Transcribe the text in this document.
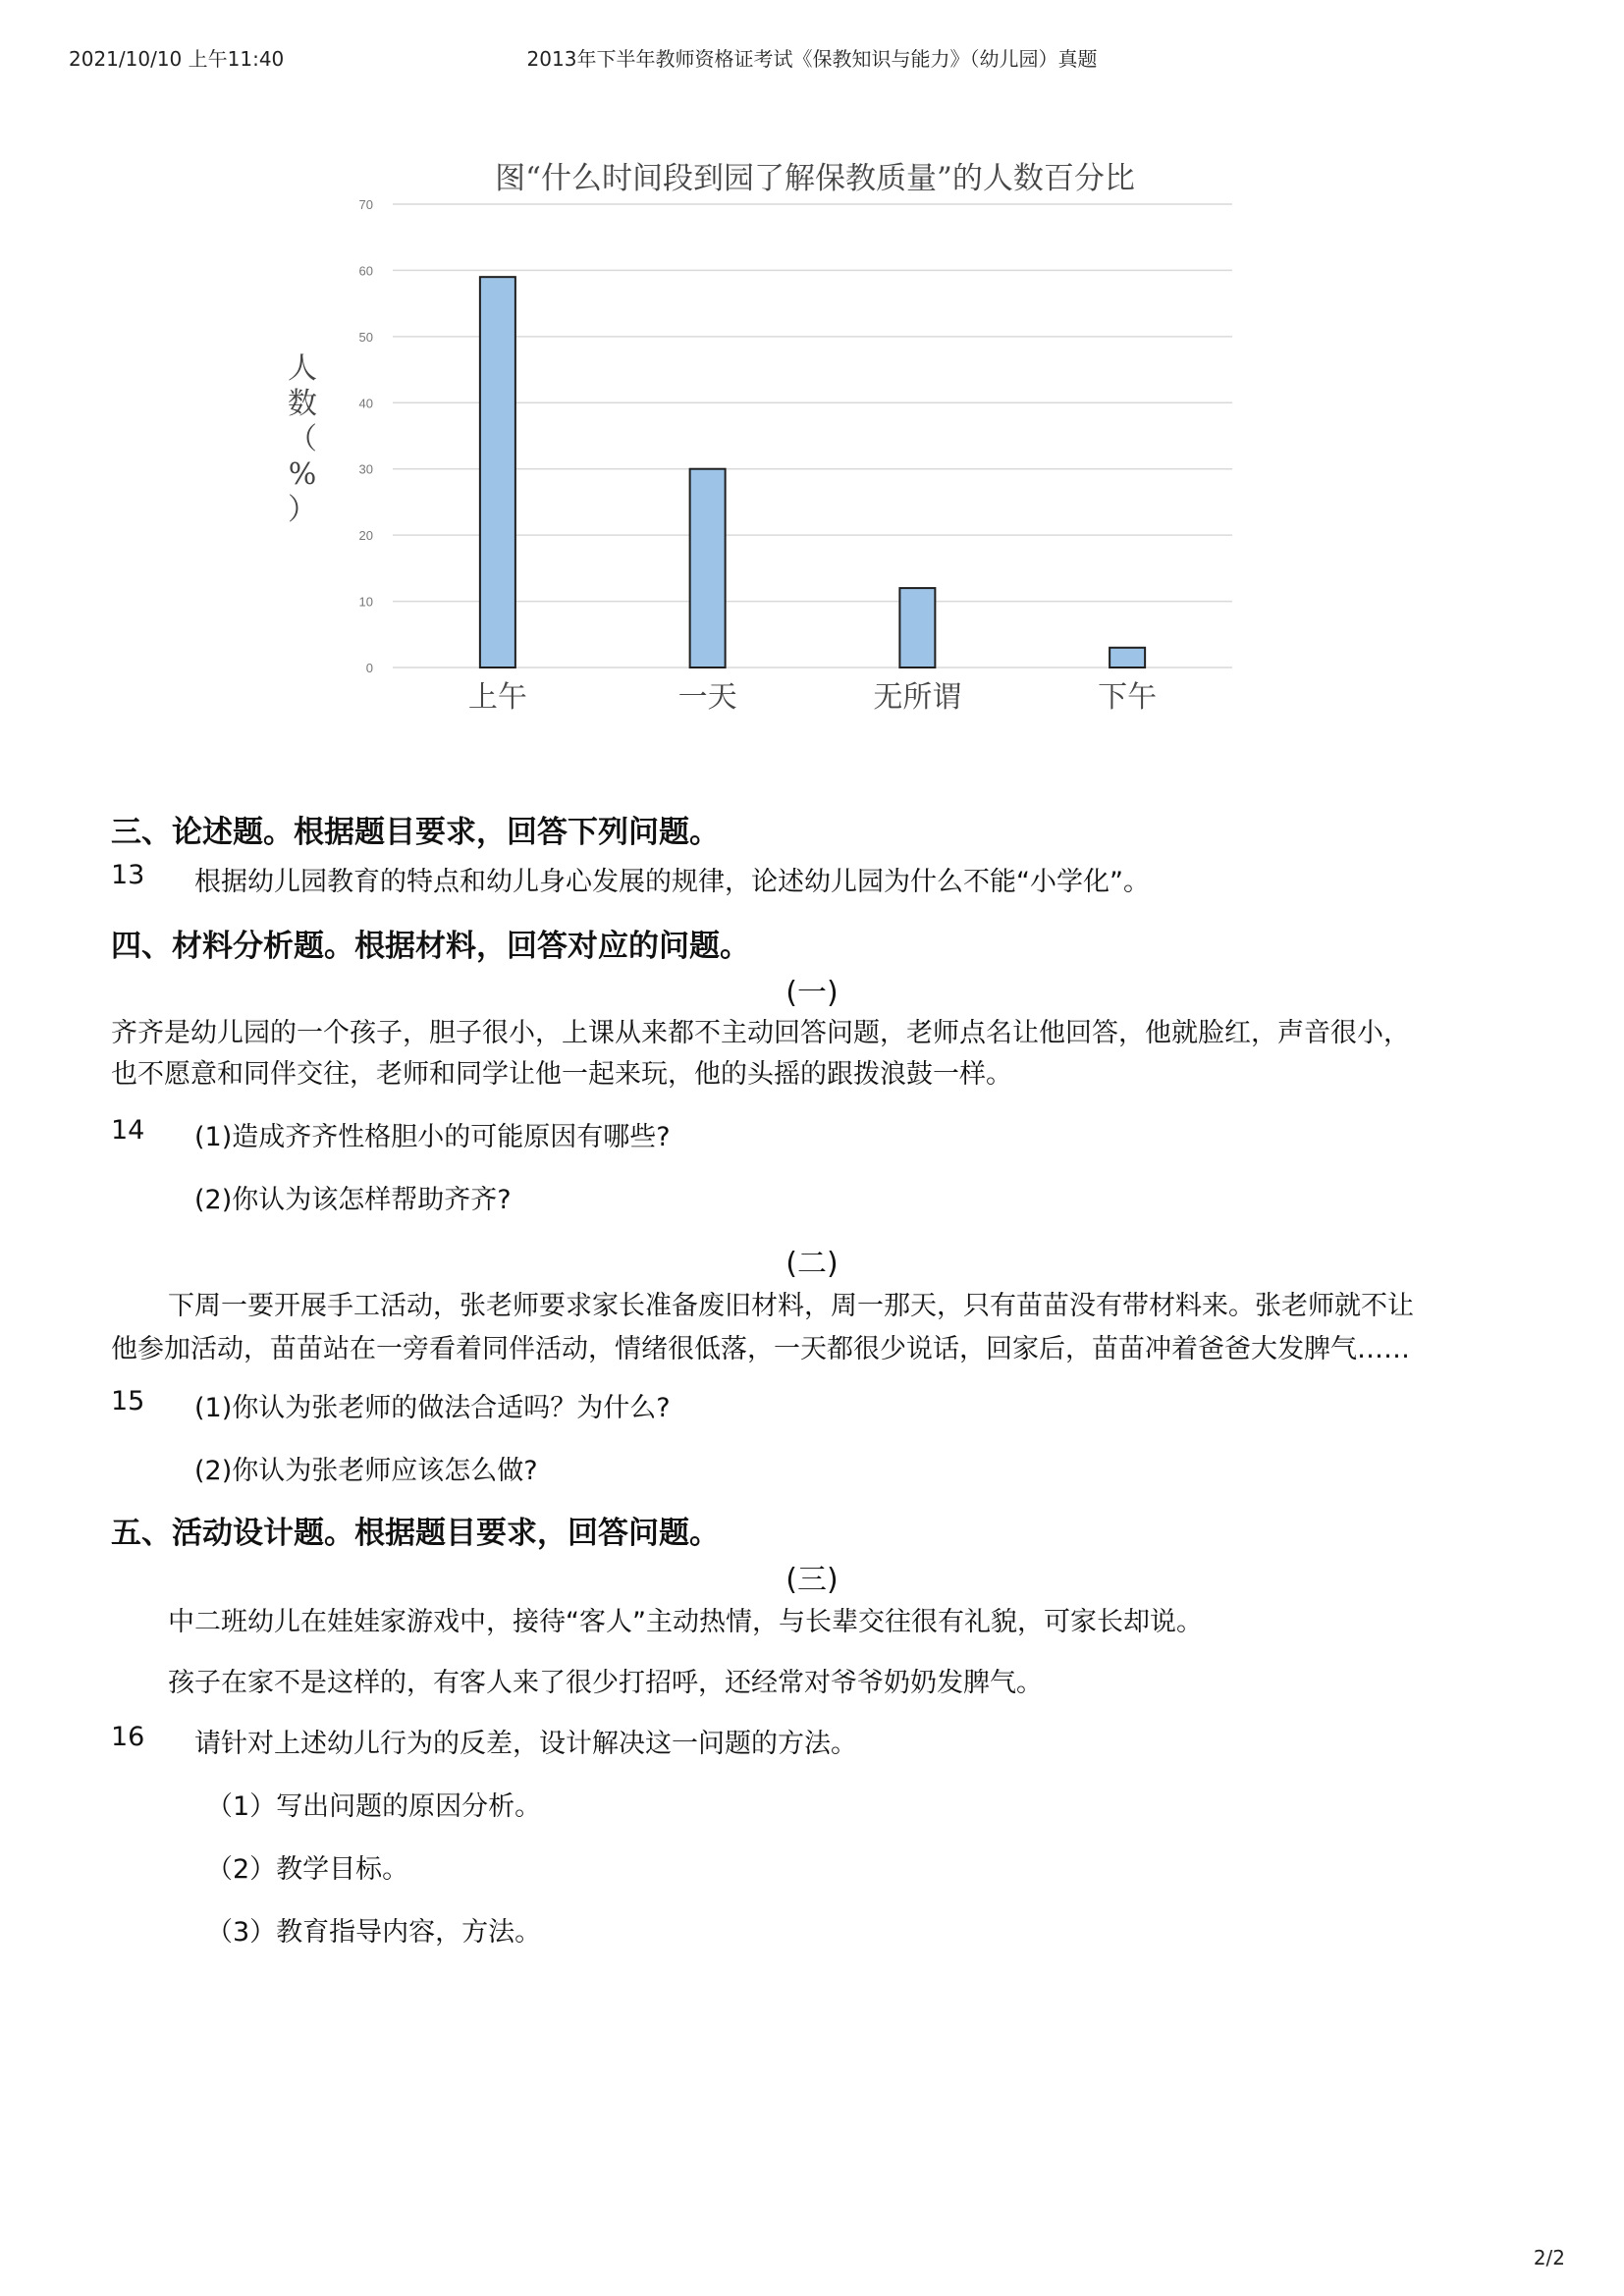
2021/10/10 上午11:40	2013年下半年教师资格证考试《保教知识与能力》（幼儿园）真题
图“什么时间段到园了解保教质量”的人数百分比
人数（%）
0
10
20
30
40
50
60
70
上午	一天	无所谓	下午
三、论述题。根据题目要求，回答下列问题。
13 根据幼儿园教育的特点和幼儿身心发展的规律，论述幼儿园为什么不能“小学化”。

四、材料分析题。根据材料，回答对应的问题。
(一)

齐齐是幼儿园的一个孩子，胆子很小，上课从来都不主动回答问题，老师点名让他回答，他就脸红，声音很小，

也不愿意和同伴交往，老师和同学让他一起来玩，他的头摇的跟拨浪鼓一样。

14 (1)造成齐齐性格胆小的可能原因有哪些?

(2)你认为该怎样帮助齐齐?

(二)

下周一要开展手工活动，张老师要求家长准备废旧材料，周一那天，只有苗苗没有带材料来。张老师就不让

他参加活动，苗苗站在一旁看着同伴活动，情绪很低落，一天都很少说话，回家后，苗苗冲着爸爸大发脾气……

15 (1)你认为张老师的做法合适吗？为什么?

(2)你认为张老师应该怎么做?

五、活动设计题。根据题目要求，回答问题。
(三)

中二班幼儿在娃娃家游戏中，接待“客人”主动热情，与长辈交往很有礼貌，可家长却说。

孩子在家不是这样的，有客人来了很少打招呼，还经常对爷爷奶奶发脾气。

16 请针对上述幼儿行为的反差，设计解决这一问题的方法。

（1）写出问题的原因分析。

（2）教学目标。

（3）教育指导内容，方法。

2/2
